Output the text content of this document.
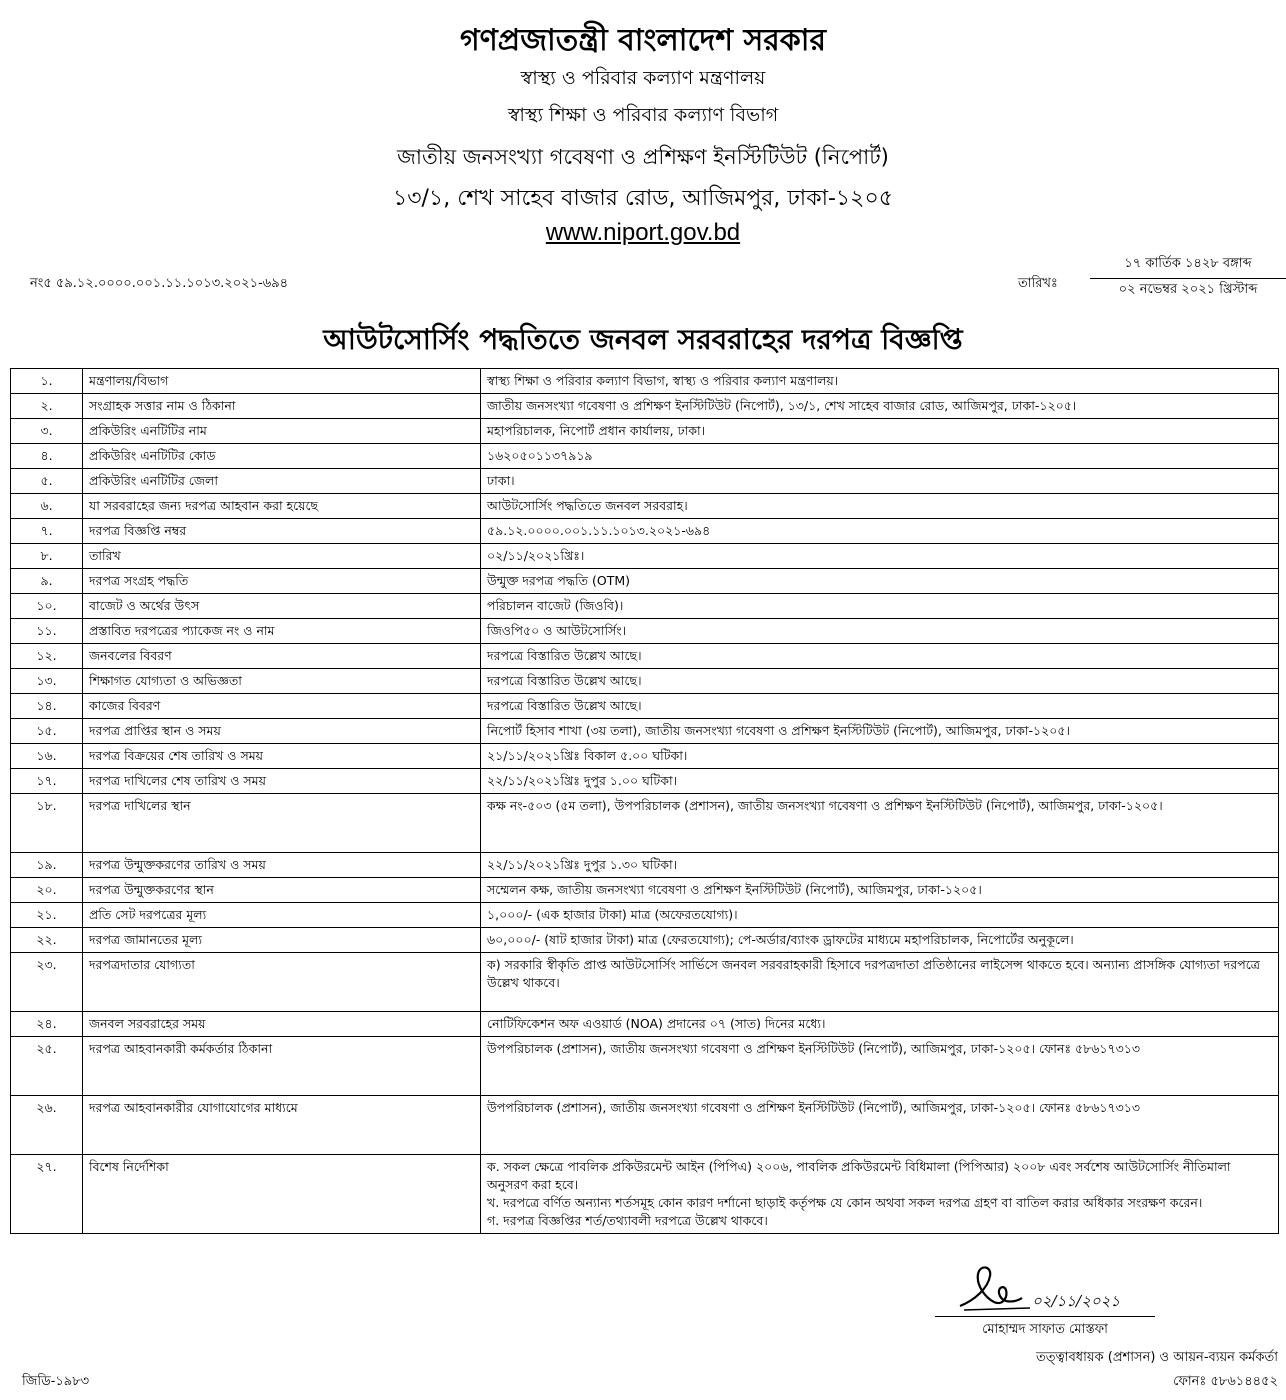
গণপ্রজাতন্ত্রী বাংলাদেশ সরকার
স্বাস্থ্য ও পরিবার কল্যাণ মন্ত্রণালয়
স্বাস্থ্য শিক্ষা ও পরিবার কল্যাণ বিভাগ
জাতীয় জনসংখ্যা গবেষণা ও প্রশিক্ষণ ইনস্টিটিউট (নিপোর্ট)
১৩/১, শেখ সাহেব বাজার রোড, আজিমপুর, ঢাকা-১২০৫
www.niport.gov.bd
নং৫ ৫৯.১২.০০০০.০০১.১১.১০১৩.২০২১-৬৯৪	তারিখঃ
১৭ কার্তিক ১৪২৮ বঙ্গাব্দ
০২ নভেম্বর ২০২১ খ্রিস্টাব্দ
আউটসোর্সিং পদ্ধতিতে জনবল সরবরাহের দরপত্র বিজ্ঞপ্তি
১.	মন্ত্রণালয়/বিভাগ	স্বাস্থ্য শিক্ষা ও পরিবার কল্যাণ বিভাগ, স্বাস্থ্য ও পরিবার কল্যাণ মন্ত্রণালয়।
২.	সংগ্রাহক সত্তার নাম ও ঠিকানা	জাতীয় জনসংখ্যা গবেষণা ও প্রশিক্ষণ ইনস্টিটিউট (নিপোর্ট), ১৩/১, শেখ সাহেব বাজার রোড, আজিমপুর, ঢাকা-১২০৫।
৩.	প্রকিউরিং এনটিটির নাম	মহাপরিচালক, নিপোর্ট প্রধান কার্যালয়, ঢাকা।
৪.	প্রকিউরিং এনটিটির কোড	১৬২০৫০১১৩৭৯১৯
৫.	প্রকিউরিং এনটিটির জেলা	ঢাকা।
৬.	যা সরবরাহের জন্য দরপত্র আহবান করা হয়েছে	আউটসোর্সিং পদ্ধতিতে জনবল সরবরাহ।
৭.	দরপত্র বিজ্ঞপ্তি নম্বর	৫৯.১২.০০০০.০০১.১১.১০১৩.২০২১-৬৯৪
৮.	তারিখ	০২/১১/২০২১খ্রিঃ।
৯.	দরপত্র সংগ্রহ পদ্ধতি	উন্মুক্ত দরপত্র পদ্ধতি (OTM)
১০.	বাজেট ও অর্থের উৎস	পরিচালন বাজেট (জিওবি)।
১১.	প্রস্তাবিত দরপত্রের প্যাকেজ নং ও নাম	জিওপি৫০ ও আউটসোর্সিং।
১২.	জনবলের বিবরণ	দরপত্রে বিস্তারিত উল্লেখ আছে।
১৩.	শিক্ষাগত যোগ্যতা ও অভিজ্ঞতা	দরপত্রে বিস্তারিত উল্লেখ আছে।
১৪.	কাজের বিবরণ	দরপত্রে বিস্তারিত উল্লেখ আছে।
১৫.	দরপত্র প্রাপ্তির স্থান ও সময়	নিপোর্ট হিসাব শাখা (৩য় তলা), জাতীয় জনসংখ্যা গবেষণা ও প্রশিক্ষণ ইনস্টিটিউট (নিপোর্ট), আজিমপুর, ঢাকা-১২০৫।
১৬.	দরপত্র বিক্রয়ের শেষ তারিখ ও সময়	২১/১১/২০২১খ্রিঃ বিকাল ৫.০০ ঘটিকা।
১৭.	দরপত্র দাখিলের শেষ তারিখ ও সময়	২২/১১/২০২১খ্রিঃ দুপুর ১.০০ ঘটিকা।
১৮.	দরপত্র দাখিলের স্থান	কক্ষ নং-৫০৩ (৫ম তলা), উপপরিচালক (প্রশাসন), জাতীয় জনসংখ্যা গবেষণা ও প্রশিক্ষণ ইনস্টিটিউট (নিপোর্ট), আজিমপুর, ঢাকা-১২০৫।
১৯.	দরপত্র উন্মুক্তকরণের তারিখ ও সময়	২২/১১/২০২১খ্রিঃ দুপুর ১.৩০ ঘটিকা।
২০.	দরপত্র উন্মুক্তকরণের স্থান	সম্মেলন কক্ষ, জাতীয় জনসংখ্যা গবেষণা ও প্রশিক্ষণ ইনস্টিটিউট (নিপোর্ট), আজিমপুর, ঢাকা-১২০৫।
২১.	প্রতি সেট দরপত্রের মূল্য	১,০০০/- (এক হাজার টাকা) মাত্র (অফেরতযোগ্য)।
২২.	দরপত্র জামানতের মূল্য	৬০,০০০/- (ষাট হাজার টাকা) মাত্র (ফেরতযোগ্য); পে-অর্ডার/ব্যাংক ড্রাফটের মাধ্যমে মহাপরিচালক, নিপোর্টের অনুকূলে।
২৩.	দরপত্রদাতার যোগ্যতা	ক) সরকারি স্বীকৃতি প্রাপ্ত আউটসোর্সিং সার্ভিসে জনবল সরবরাহকারী হিসাবে দরপত্রদাতা প্রতিষ্ঠানের লাইসেন্স থাকতে হবে। অন্যান্য প্রাসঙ্গিক যোগ্যতা দরপত্রে উল্লেখ থাকবে।
২৪.	জনবল সরবরাহের সময়	নোটিফিকেশন অফ এওয়ার্ড (NOA) প্রদানের ০৭ (সাত) দিনের মধ্যে।
২৫.	দরপত্র আহবানকারী কর্মকর্তার ঠিকানা	উপপরিচালক (প্রশাসন), জাতীয় জনসংখ্যা গবেষণা ও প্রশিক্ষণ ইনস্টিটিউট (নিপোর্ট), আজিমপুর, ঢাকা-১২০৫। ফোনঃ ৫৮৬১৭৩১৩
২৬.	দরপত্র আহবানকারীর যোগাযোগের মাধ্যমে	উপপরিচালক (প্রশাসন), জাতীয় জনসংখ্যা গবেষণা ও প্রশিক্ষণ ইনস্টিটিউট (নিপোর্ট), আজিমপুর, ঢাকা-১২০৫। ফোনঃ ৫৮৬১৭৩১৩
২৭.	বিশেষ নির্দেশিকা	ক. সকল ক্ষেত্রে পাবলিক প্রকিউরমেন্ট আইন (পিপিএ) ২০০৬, পাবলিক প্রকিউরমেন্ট বিধিমালা (পিপিআর) ২০০৮ এবং সর্বশেষ আউটসোর্সিং নীতিমালা অনুসরণ করা হবে।
খ. দরপত্রে বর্ণিত অন্যান্য শর্তসমূহ কোন কারণ দর্শানো ছাড়াই কর্তৃপক্ষ যে কোন অথবা সকল দরপত্র গ্রহণ বা বাতিল করার অধিকার সংরক্ষণ করেন।
গ. দরপত্র বিজ্ঞপ্তির শর্ত/তথ্যাবলী দরপত্রে উল্লেখ থাকবে।
০২/১১/২০২১
মোহাম্মদ সাফাত মোস্তফা
তত্ত্বাবধায়ক (প্রশাসন) ও আয়ন-ব্যয়ন কর্মকর্তা
ফোনঃ ৫৮৬১৪৪৫২
জিডি-১৯৮৩
